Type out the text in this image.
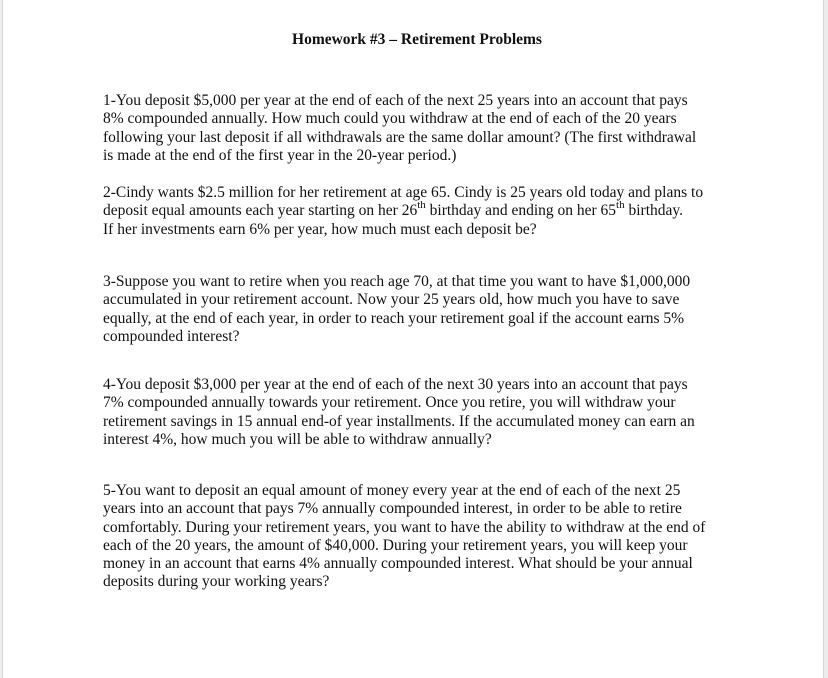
Homework #3 – Retirement Problems
1-You deposit $5,000 per year at the end of each of the next 25 years into an account that pays
8% compounded annually. How much could you withdraw at the end of each of the 20 years
following your last deposit if all withdrawals are the same dollar amount? (The first withdrawal
is made at the end of the first year in the 20-year period.)
2-Cindy wants $2.5 million for her retirement at age 65. Cindy is 25 years old today and plans to
deposit equal amounts each year starting on her 26th birthday and ending on her 65th birthday.
If her investments earn 6% per year, how much must each deposit be?
3-Suppose you want to retire when you reach age 70, at that time you want to have $1,000,000
accumulated in your retirement account. Now your 25 years old, how much you have to save
equally, at the end of each year, in order to reach your retirement goal if the account earns 5%
compounded interest?
4-You deposit $3,000 per year at the end of each of the next 30 years into an account that pays
7% compounded annually towards your retirement. Once you retire, you will withdraw your
retirement savings in 15 annual end-of year installments. If the accumulated money can earn an
interest 4%, how much you will be able to withdraw annually?
5-You want to deposit an equal amount of money every year at the end of each of the next 25
years into an account that pays 7% annually compounded interest, in order to be able to retire
comfortably. During your retirement years, you want to have the ability to withdraw at the end of
each of the 20 years, the amount of $40,000. During your retirement years, you will keep your
money in an account that earns 4% annually compounded interest. What should be your annual
deposits during your working years?
